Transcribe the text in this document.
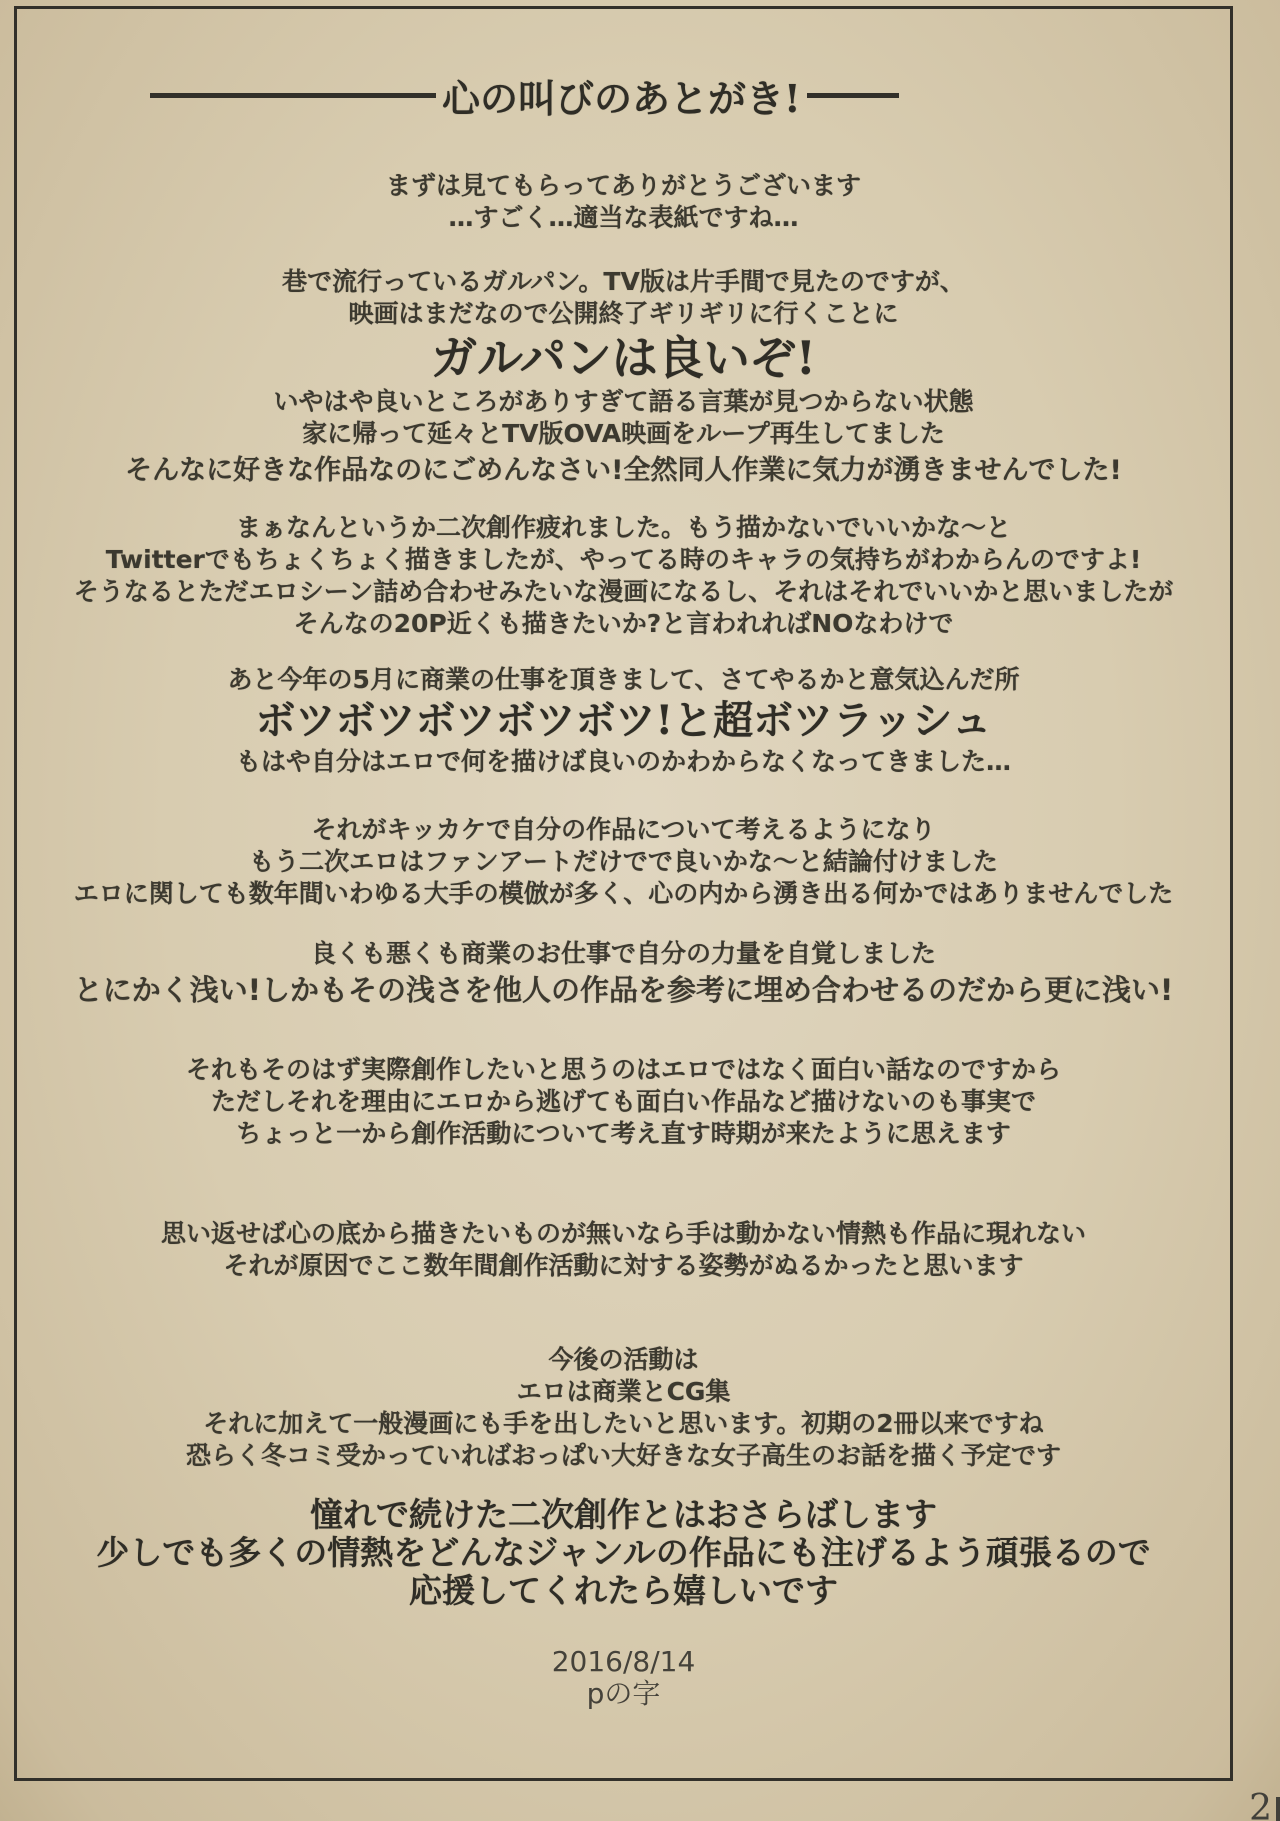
心の叫びのあとがき!
まずは見てもらってありがとうございます
…すごく…適当な表紙ですね…
巷で流行っているガルパン。TV版は片手間で見たのですが、
映画はまだなので公開終了ギリギリに行くことに
ガルパンは良いぞ!
いやはや良いところがありすぎて語る言葉が見つからない状態
家に帰って延々とTV版OVA映画をループ再生してました
そんなに好きな作品なのにごめんなさい!全然同人作業に気力が湧きませんでした!
まぁなんというか二次創作疲れました。もう描かないでいいかな〜と
Twitterでもちょくちょく描きましたが、やってる時のキャラの気持ちがわからんのですよ!
そうなるとただエロシーン詰め合わせみたいな漫画になるし、それはそれでいいかと思いましたが
そんなの20P近くも描きたいか?と言われればNOなわけで
あと今年の5月に商業の仕事を頂きまして、さてやるかと意気込んだ所
ボツボツボツボツボツ!と超ボツラッシュ
もはや自分はエロで何を描けば良いのかわからなくなってきました…
それがキッカケで自分の作品について考えるようになり
もう二次エロはファンアートだけでで良いかな〜と結論付けました
エロに関しても数年間いわゆる大手の模倣が多く、心の内から湧き出る何かではありませんでした
良くも悪くも商業のお仕事で自分の力量を自覚しました
とにかく浅い!しかもその浅さを他人の作品を参考に埋め合わせるのだから更に浅い!
それもそのはず実際創作したいと思うのはエロではなく面白い話なのですから
ただしそれを理由にエロから逃げても面白い作品など描けないのも事実で
ちょっと一から創作活動について考え直す時期が来たように思えます
思い返せば心の底から描きたいものが無いなら手は動かない情熱も作品に現れない
それが原因でここ数年間創作活動に対する姿勢がぬるかったと思います
今後の活動は
エロは商業とCG集
それに加えて一般漫画にも手を出したいと思います。初期の2冊以来ですね
恐らく冬コミ受かっていればおっぱい大好きな女子高生のお話を描く予定です
憧れで続けた二次創作とはおさらばします
少しでも多くの情熱をどんなジャンルの作品にも注げるよう頑張るので
応援してくれたら嬉しいです
2016/8/14
pの字
2
